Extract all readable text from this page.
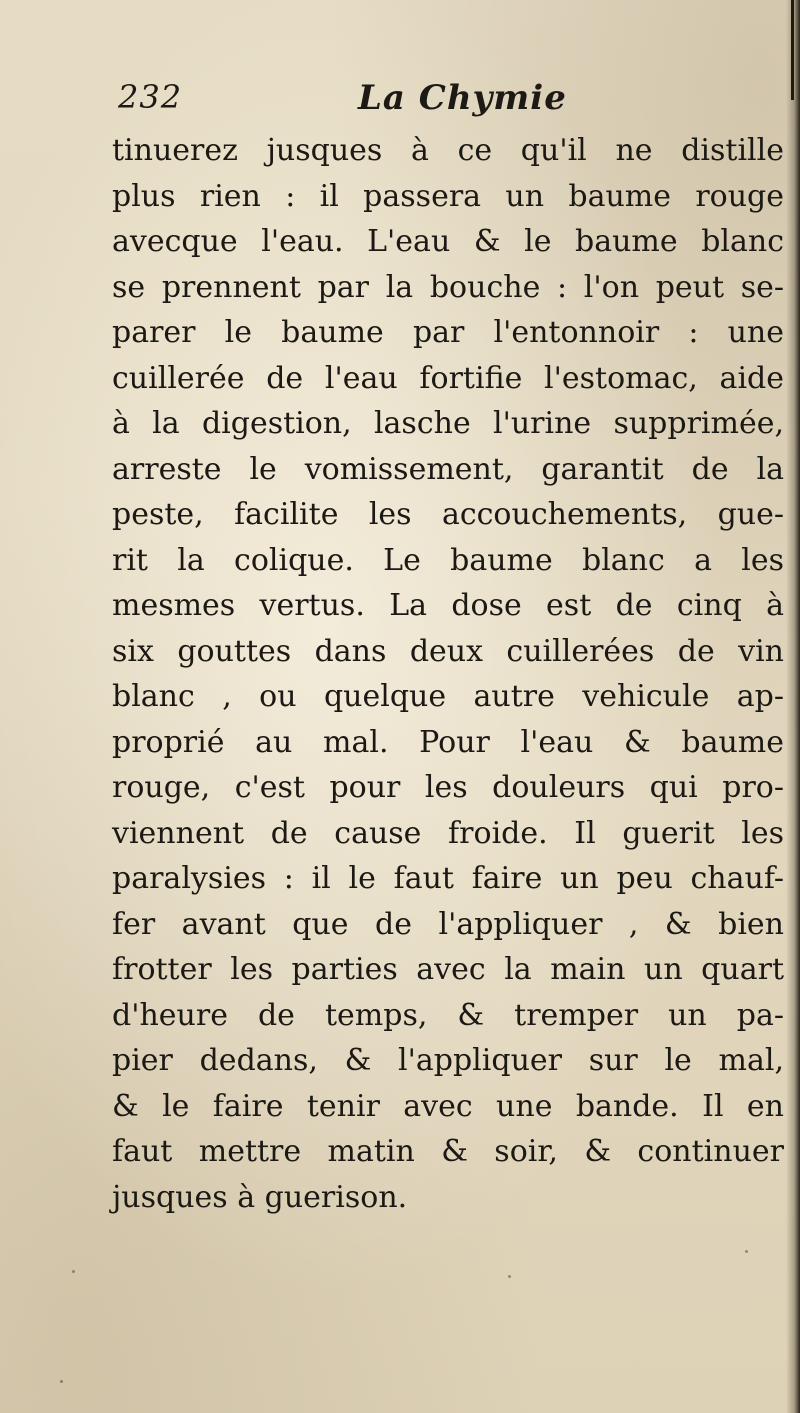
232	La Chymie
tinuerez jusques à ce qu'il ne distille
plus rien : il passera un baume rouge
avecque l'eau. L'eau & le baume blanc
se prennent par la bouche : l'on peut se-
parer le baume par l'entonnoir : une
cuillerée de l'eau fortifie l'estomac, aide
à la digestion, lasche l'urine supprimée,
arreste le vomissement, garantit de la
peste, facilite les accouchements, gue-
rit la colique. Le baume blanc a les
mesmes vertus. La dose est de cinq à
six gouttes dans deux cuillerées de vin
blanc , ou quelque autre vehicule ap-
proprié au mal. Pour l'eau & baume
rouge, c'est pour les douleurs qui pro-
viennent de cause froide. Il guerit les
paralysies : il le faut faire un peu chauf-
fer avant que de l'appliquer , & bien
frotter les parties avec la main un quart
d'heure de temps, & tremper un pa-
pier dedans, & l'appliquer sur le mal,
& le faire tenir avec une bande. Il en
faut mettre matin & soir, & continuer
jusques à guerison.
